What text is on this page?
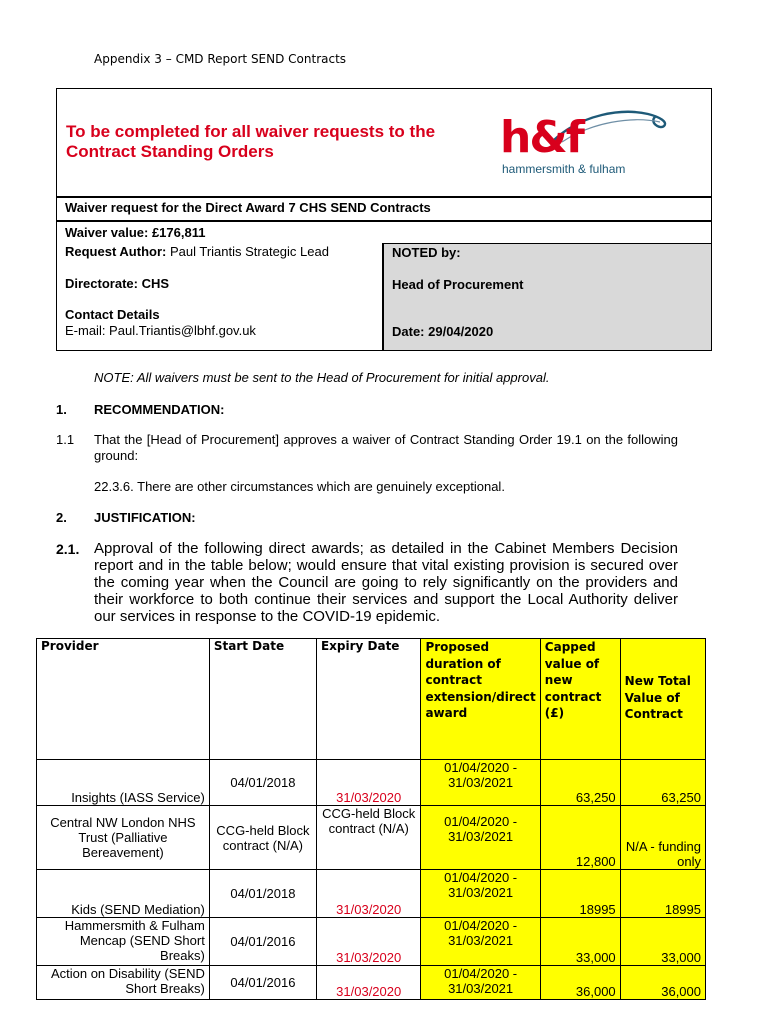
Appendix 3 – CMD Report SEND Contracts
To be completed for all waiver requests to the Contract Standing Orders	h&f
hammersmith & fulham
Waiver request for the Direct Award 7 CHS SEND Contracts
Waiver value: £176,811
Request Author: Paul Triantis Strategic Lead
Directorate: CHS
Contact Details
E-mail: Paul.Triantis@lbhf.gov.uk
NOTED by:
Head of Procurement
Date: 29/04/2020
NOTE: All waivers must be sent to the Head of Procurement for initial approval.
1. RECOMMENDATION:
1.1 That the [Head of Procurement] approves a waiver of Contract Standing Order 19.1 on the following ground:
22.3.6. There are other circumstances which are genuinely exceptional.
2. JUSTIFICATION:
2.1. Approval of the following direct awards; as detailed in the Cabinet Members Decision report and in the table below; would ensure that vital existing provision is secured over the coming year when the Council are going to rely significantly on the providers and their workforce to both continue their services and support the Local Authority deliver our services in response to the COVID-19 epidemic.
Provider	Start Date	Expiry Date	Proposed duration of contract extension/direct award	Capped value of new contract (£)	New Total Value of Contract
Insights (IASS Service)	04/01/2018	31/03/2020	01/04/2020 - 31/03/2021	63,250	63,250
Central NW London NHS Trust (Palliative Bereavement)	CCG-held Block contract (N/A)	CCG-held Block contract (N/A)	01/04/2020 - 31/03/2021	12,800	N/A - funding only
Kids (SEND Mediation)	04/01/2018	31/03/2020	01/04/2020 - 31/03/2021	18995	18995
Hammersmith & Fulham Mencap (SEND Short Breaks)	04/01/2016	31/03/2020	01/04/2020 - 31/03/2021	33,000	33,000
Action on Disability (SEND Short Breaks)	04/01/2016	31/03/2020	01/04/2020 - 31/03/2021	36,000	36,000
